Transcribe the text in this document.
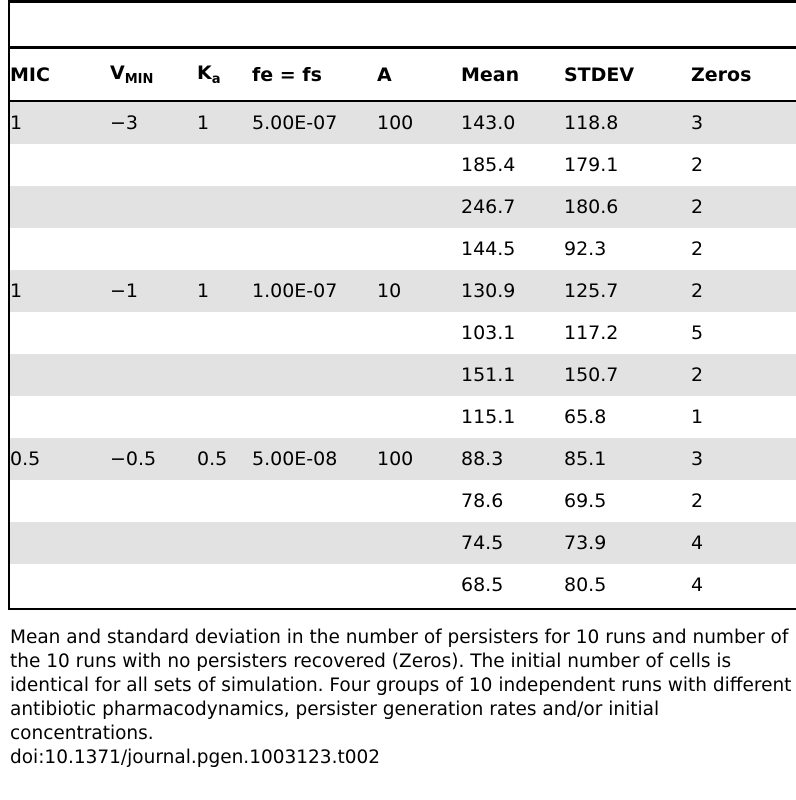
MIC	$V_{MIN}$	$K_a$	fe = fs	A	Mean	STDEV	Zeros

1	−3	1	5.00E-07	100	143.0	118.8	3
					185.4	179.1	2
					246.7	180.6	2
					144.5	92.3	2
1	−1	1	1.00E-07	10	130.9	125.7	2
					103.1	117.2	5
					151.1	150.7	2
					115.1	65.8	1
0.5	−0.5	0.5	5.00E-08	100	88.3	85.1	3
					78.6	69.5	2
					74.5	73.9	4
					68.5	80.5	4
Mean and standard deviation in the number of persisters for 10 runs and number of the 10 runs with no persisters recovered (Zeros). The initial number of cells is identical for all sets of simulation. Four groups of 10 independent runs with different antibiotic pharmacodynamics, persister generation rates and/or initial concentrations.
doi:10.1371/journal.pgen.1003123.t002
